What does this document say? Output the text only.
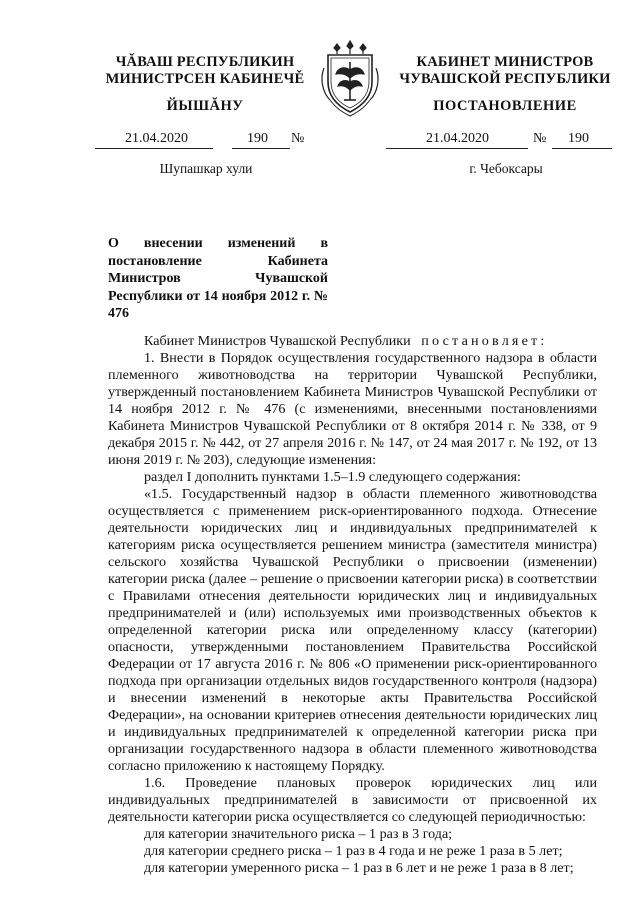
ЧĂВАШ РЕСПУБЛИКИН
МИНИСТРСЕН КАБИНЕЧĚ
ЙЫШĂНУ
КАБИНЕТ МИНИСТРОВ
ЧУВАШСКОЙ РЕСПУБЛИКИ
ПОСТАНОВЛЕНИЕ
21.04.2020	190 №	21.04.2020	№ 190
Шупашкар хули	г. Чебоксары
О внесении изменений в постановление Кабинета Министров Чувашской Республики от 14 ноября 2012 г. № 476

Кабинет Министров Чувашской Республики постановляет:

1. Внести в Порядок осуществления государственного надзора в области племенного животноводства на территории Чувашской Республики, утвержденный постановлением Кабинета Министров Чувашской Республики от 14 ноября 2012 г. № 476 (с изменениями, внесенными постановлениями Кабинета Министров Чувашской Республики от 8 октября 2014 г. № 338, от 9 декабря 2015 г. № 442, от 27 апреля 2016 г. № 147, от 24 мая 2017 г. № 192, от 13 июня 2019 г. № 203), следующие изменения:

раздел I дополнить пунктами 1.5–1.9 следующего содержания:

«1.5. Государственный надзор в области племенного животноводства осуществляется с применением риск-ориентированного подхода. Отнесение деятельности юридических лиц и индивидуальных предпринимателей к категориям риска осуществляется решением министра (заместителя министра) сельского хозяйства Чувашской Республики о присвоении (изменении) категории риска (далее – решение о присвоении категории риска) в соответствии с Правилами отнесения деятельности юридических лиц и индивидуальных предпринимателей и (или) используемых ими производственных объектов к определенной категории риска или определенному классу (категории) опасности, утвержденными постановлением Правительства Российской Федерации от 17 августа 2016 г. № 806 «О применении риск-ориентированного подхода при организации отдельных видов государственного контроля (надзора) и внесении изменений в некоторые акты Правительства Российской Федерации», на основании критериев отнесения деятельности юридических лиц и индивидуальных предпринимателей к определенной категории риска при организации государственного надзора в области племенного животноводства согласно приложению к настоящему Порядку.

1.6. Проведение плановых проверок юридических лиц или индивидуальных предпринимателей в зависимости от присвоенной их деятельности категории риска осуществляется со следующей периодичностью:

для категории значительного риска – 1 раз в 3 года;

для категории среднего риска – 1 раз в 4 года и не реже 1 раза в 5 лет;

для категории умеренного риска – 1 раз в 6 лет и не реже 1 раза в 8 лет;
